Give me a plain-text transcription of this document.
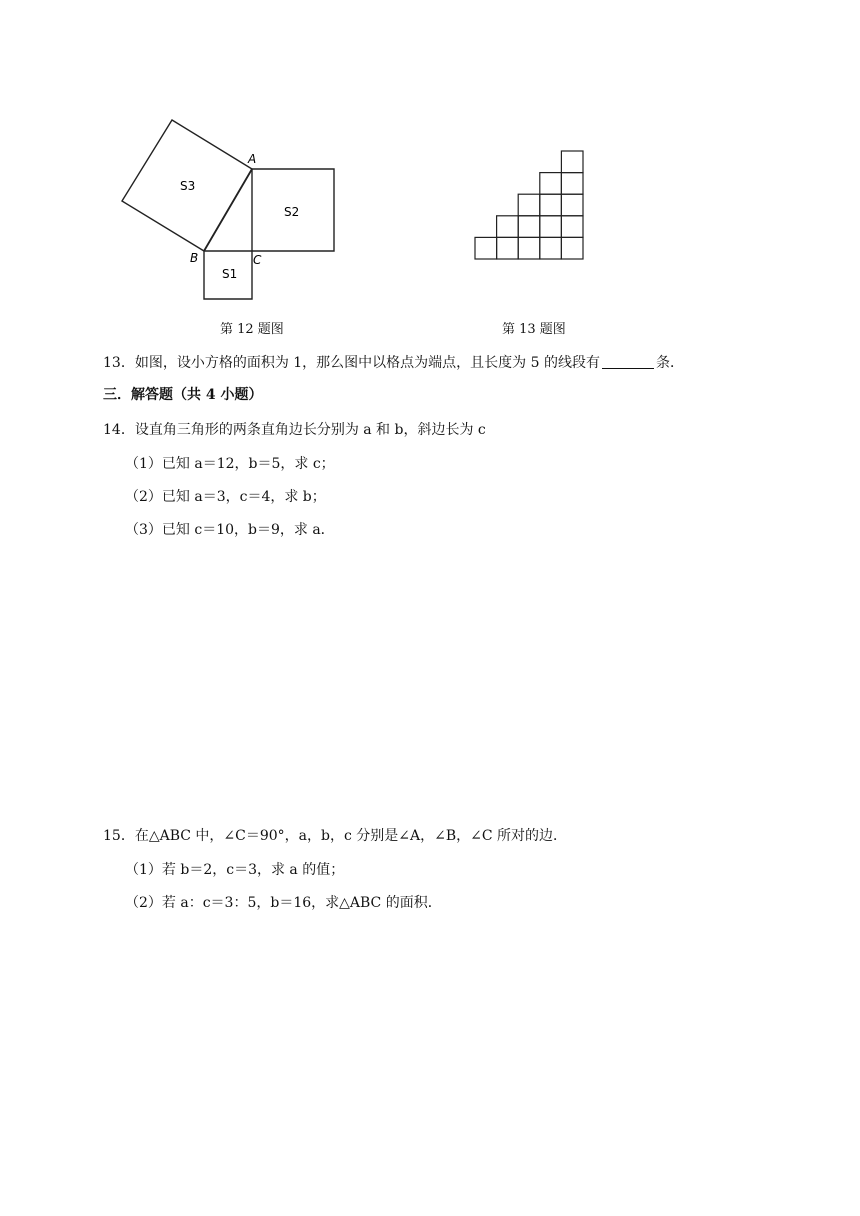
A
B	C
S3
S2
S1
第 12 题图	第 13 题图
13．如图，设小方格的面积为 1，那么图中以格点为端点，且长度为 5 的线段有	条．
三．解答题（共 4 小题）
14．设直角三角形的两条直角边长分别为 a 和 b，斜边长为 c
（1）已知 a＝12，b＝5，求 c；
（2）已知 a＝3，c＝4，求 b；
（3）已知 c＝10，b＝9，求 a．
15．在△ABC 中，∠C＝90°，a，b，c 分别是∠A，∠B，∠C 所对的边．
（1）若 b＝2，c＝3，求 a 的值；
（2）若 a：c＝3：5，b＝16，求△ABC 的面积．
